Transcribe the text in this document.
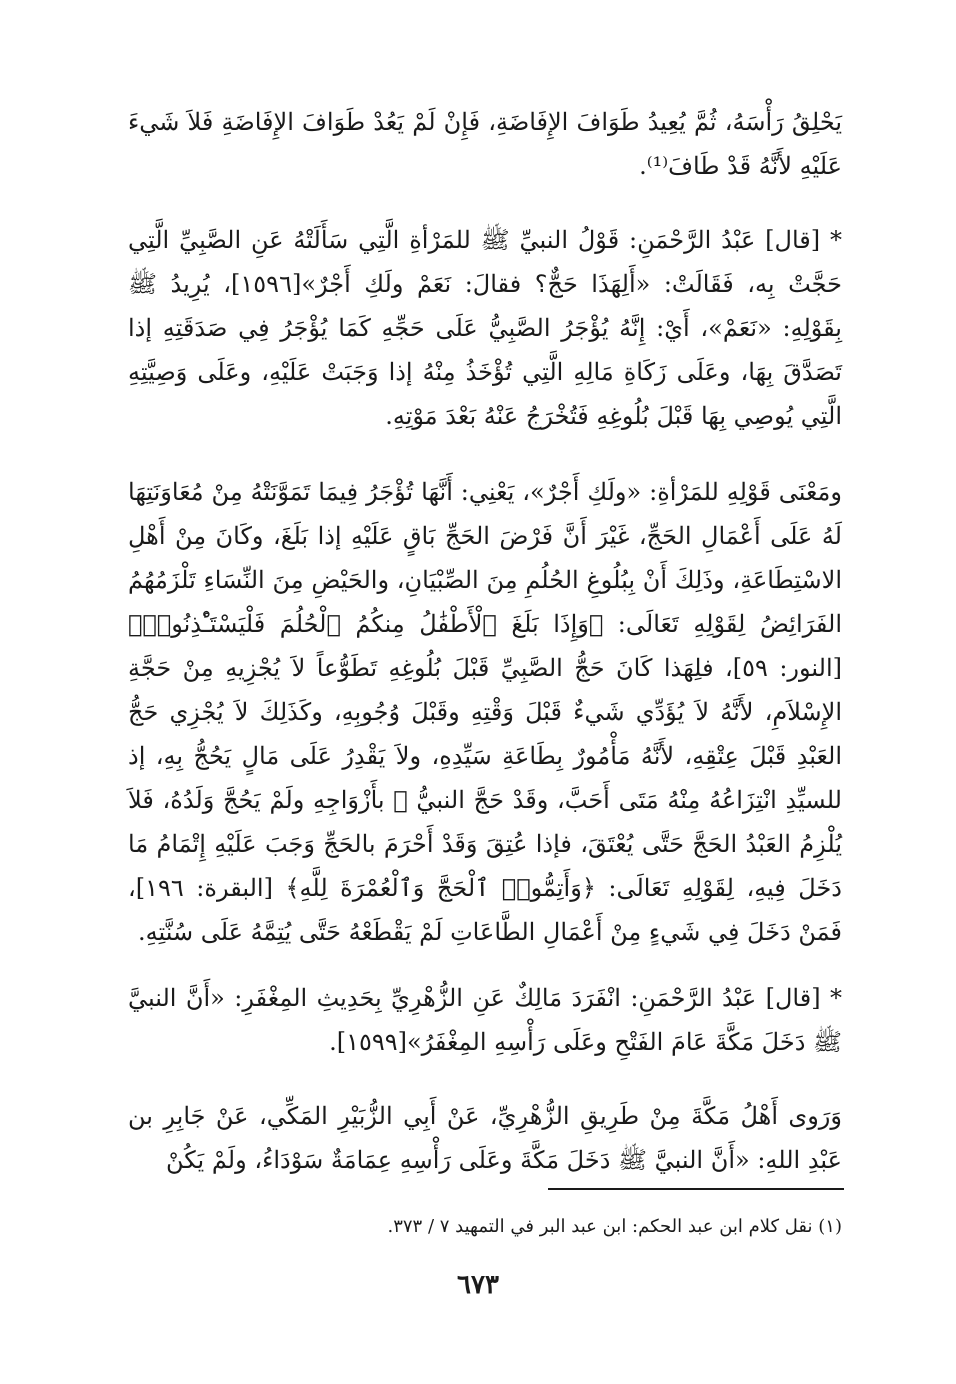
يَحْلِقُ رَأْسَهُ، ثُمَّ يُعِيدُ طَوَافَ الإِفَاضَةِ، فَإِنْ لَمْ يَعُدْ طَوَافَ الإِفَاضَةِ فَلاَ شَيءَ عَلَيْهِ لأَنَّهُ قَدْ طَافَ⁽¹⁾.

* [قال] عَبْدُ الرَّحْمَنِ: قَوْلُ النبيِّ ﷺ للمَرْأةِ الَّتِي سَأَلَتْهُ عَنِ الصَّبِيِّ الَّتِي حَجَّتْ بِه، فَقَالَتْ: «أَلِهَذَا حَجٌّ؟ فقالَ: نَعَمْ ولَكِ أَجْرٌ»[١٥٩٦]، يُرِيدُ ﷺ بِقَوْلِهِ: «نَعَمْ»، أَيْ: إِنَّهُ يُؤْجَرُ الصَّبِيُّ عَلَى حَجِّهِ كَمَا يُؤْجَرُ فِي صَدَقَتِهِ إذا تَصَدَّقَ بِهَا، وعَلَى زَكَاةِ مَالِهِ الَّتِي تُؤْخَذُ مِنْهُ إذا وَجَبَتْ عَلَيْهِ، وعَلَى وَصِيَّتِهِ الَّتِي يُوصِي بِهَا قَبْلَ بُلُوغِهِ فَتُخْرَجُ عَنْهُ بَعْدَ مَوْتِهِ.

ومَعْنَى قَوْلِهِ للمَرْأةِ: «ولَكِ أَجْرٌ»، يَعْنِي: أَنَّهَا تُؤْجَرُ فِيمَا تَمَوَّنَتْهُ مِنْ مُعَاوَنَتِهَا لَهُ عَلَى أَعْمَالِ الحَجِّ، غَيْرَ أَنَّ فَرْضَ الحَجِّ بَاقٍ عَلَيْهِ إذا بَلَغَ، وكَانَ مِنْ أَهْلِ الاسْتِطَاعَةِ، وذَلِكَ أَنْ بِبُلُوغِ الحُلُمِ مِنَ الصِّبْيَانِ، والحَيْضِ مِنَ النِّسَاءِ تَلْزَمُهُمُ الفَرَائِضُ لِقَوْلِهِ تَعَالَى: ﴿وَإِذَا بَلَغَ ٱلْأَطْفَٰلُ مِنكُمُ ٱلْحُلُمَ فَلْيَسْتَـْٔذِنُوا۟﴾ [النور: ٥٩]، فلِهَذا كَانَ حَجُّ الصَّبِيِّ قَبْلَ بُلُوغِهِ تَطَوُّعاً لاَ يُجْزِيهِ مِنْ حَجَّةِ الإِسْلاَمِ، لأَنَّهُ لاَ يُؤَدِّي شَيءٌ قَبْلَ وَقْتِهِ وقَبْلَ وُجُوبِهِ، وكَذَلِكَ لاَ يُجْزِي حَجُّ العَبْدِ قَبْلَ عِتْقِهِ، لأَنَّهُ مَأْمُورٌ بِطَاعَةِ سَيِّدِهِ، ولاَ يَقْدِرُ عَلَى مَالٍ يَحُجُّ بِهِ، إذ للسيِّدِ انْتِزَاعُهُ مِنْهُ مَتَى أَحَبَّ، وقَدْ حَجَّ النبيُّ ﷺ بأَزْوَاجِهِ ولَمْ يَحُجَّ وَلَدُهُ، فَلاَ يُلْزِمُ العَبْدُ الحَجَّ حَتَّى يُعْتَقَ، فإذا عُتِقَ وَقَدْ أَحْرَمَ بالحَجِّ وَجَبَ عَلَيْهِ إِتْمَامُ مَا دَخَلَ فِيهِ، لِقَوْلِهِ تَعَالَى: ﴿وَأَتِمُّوا۟ ٱلْحَجَّ وَٱلْعُمْرَةَ لِلَّهِ﴾ [البقرة: ١٩٦]، فَمَنْ دَخَلَ فِي شَيءٍ مِنْ أَعْمَالِ الطَّاعَاتِ لَمْ يَقْطَعْهُ حَتَّى يُتِمَّهُ عَلَى سُنَّتِهِ.

* [قال] عَبْدُ الرَّحْمَنِ: انْفَرَدَ مَالِكٌ عَنِ الزُّهْرِيِّ بِحَدِيثِ المِغْفَرِ: «أَنَّ النبيَّ ﷺ دَخَلَ مَكَّةَ عَامَ الفَتْحِ وعَلَى رَأْسِهِ المِغْفَرُ»[١٥٩٩].

وَرَوى أَهْلُ مَكَّةَ مِنْ طَرِيقِ الزُّهْرِيِّ، عَنْ أَبِي الزُّبَيْرِ المَكِّي، عَنْ جَابِرِ بن عَبْدِ اللهِ: «أَنَّ النبيَّ ﷺ دَخَلَ مَكَّةَ وعَلَى رَأْسِهِ عِمَامَةٌ سَوْدَاءُ، ولَمْ يَكُنْ

(١) نقل كلام ابن عبد الحكم: ابن عبد البر في التمهيد ٧ / ٣٧٣.
٦٧٣
